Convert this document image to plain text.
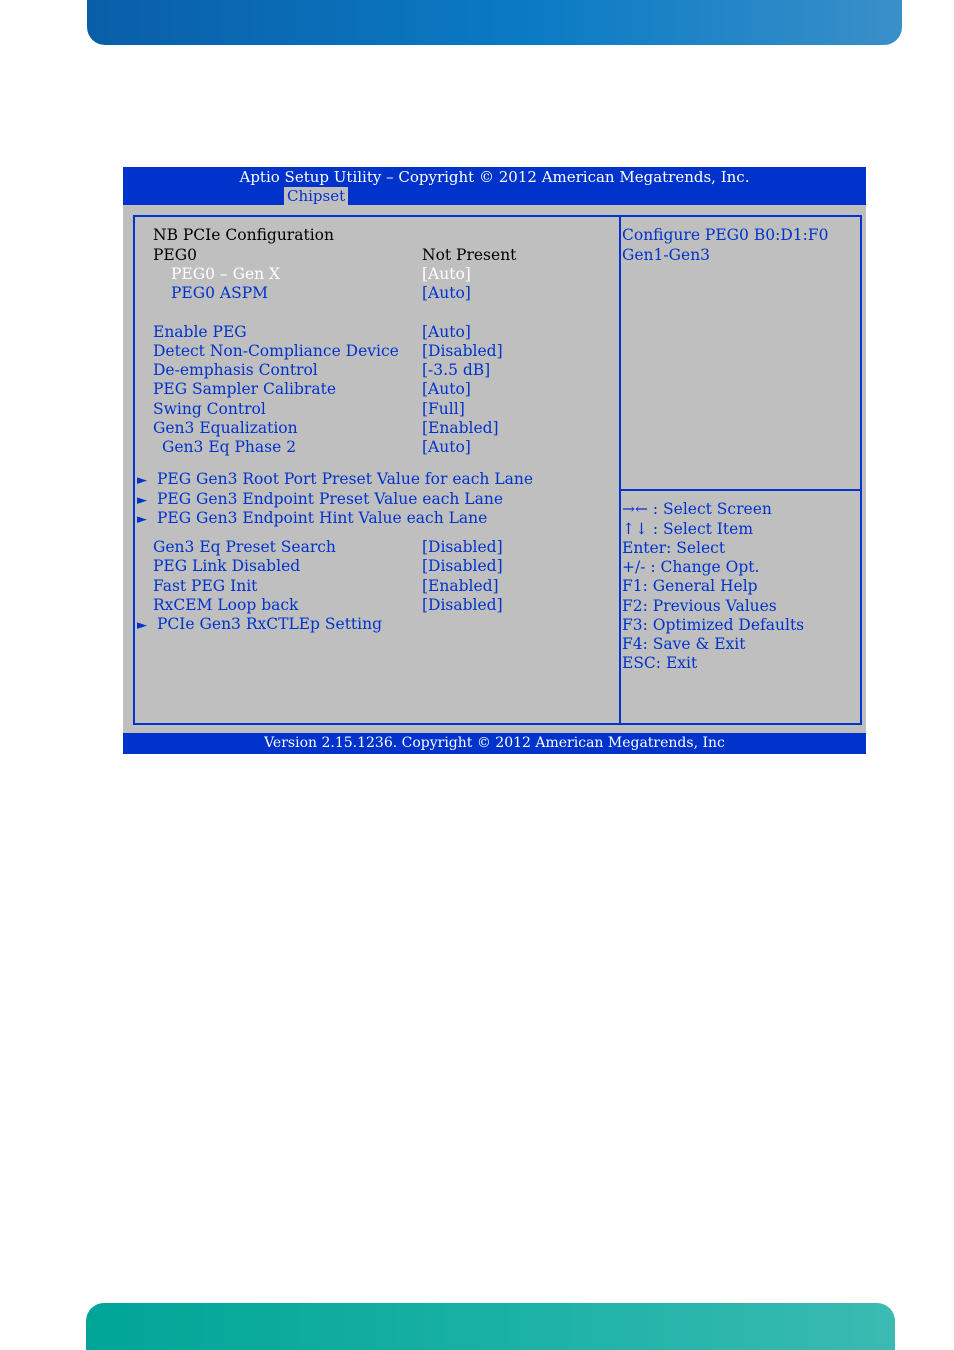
Aptio Setup Utility – Copyright © 2012 American Megatrends, Inc.
Chipset
NB PCIe Configuration
PEG0	Not Present
PEG0 – Gen X	[Auto]
PEG0 ASPM	[Auto]
Enable PEG	[Auto]
Detect Non-Compliance Device [Disabled]
De-emphasis Control	[-3.5 dB]
PEG Sampler Calibrate	[Auto]
Swing Control	[Full]
Gen3 Equalization	[Enabled]
Gen3 Eq Phase 2	[Auto]
► PEG Gen3 Root Port Preset Value for each Lane
► PEG Gen3 Endpoint Preset Value each Lane
► PEG Gen3 Endpoint Hint Value each Lane
Gen3 Eq Preset Search	[Disabled]
PEG Link Disabled	[Disabled]
Fast PEG Init	[Enabled]
RxCEM Loop back	[Disabled]
► PCIe Gen3 RxCTLEp Setting
Configure PEG0 B0:D1:F0
Gen1-Gen3
→← : Select Screen
↑↓ : Select Item
Enter: Select
+/- : Change Opt.
F1: General Help
F2: Previous Values
F3: Optimized Defaults
F4: Save & Exit
ESC: Exit
Version 2.15.1236. Copyright © 2012 American Megatrends, Inc
